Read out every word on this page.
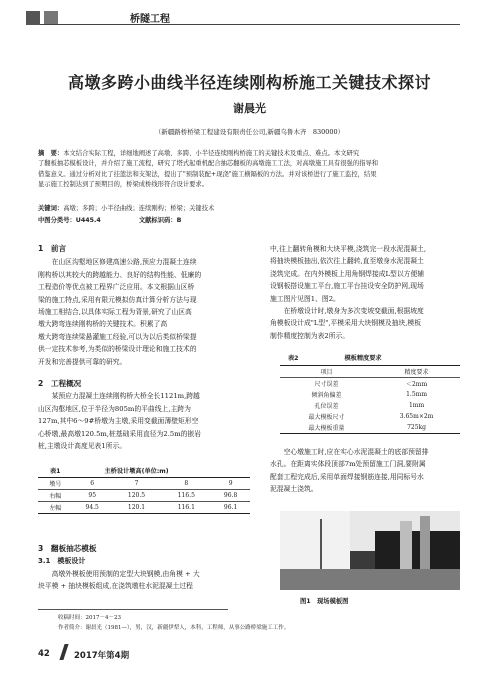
桥隧工程
高墩多跨小曲线半径连续刚构桥施工关键技术探讨
谢晨光
（新疆路桥桥梁工程建设有限责任公司,新疆乌鲁木齐　830000）
摘　要：本文结合实际工程，详细地阐述了高墩、多跨、小半径连续刚构桥施工的关键技术及重点、难点。本文研究
了翻板抽芯模板设计，并介绍了施工流程，研究了塔式起重机配合抽芯翻板的高墩施工工法，对高墩施工具有很强的指导和
借鉴意义。通过分析对比了挂篮法和支架法，提出了"预制装配+现浇"施工横隔板的方法。并对该桥进行了施工监控，结果
显示施工控制达到了预期目的，桥梁成桥线形符合设计要求。
关键词：高墩；多跨；小半径曲线；连续刚构；桥梁；关键技术
中图分类号：U445.4	文献标识码：B
1　前言
在山区沟壑地区修建高速公路,预应力混凝土连续
刚构桥以其较大的跨越能力、良好的结构性能、低廉的
工程造价等优点被工程界广泛应用。本文根据山区桥
梁的施工特点,采用有限元模拟仿真计算分析方法与现
场施工相结合,以具体实际工程为背景,研究了山区高
墩大跨弯连续刚构桥的关键技术。积累了高
墩大跨弯连续梁悬灌施工经验,可以为以后类似桥梁提
供一定技术参考,为类似的桥梁设计理论和施工技术的
开发和完善提供可靠的研究。
2　工程概况
某预应力混凝土连续刚构桥大桥全长1121m,跨越
山区沟壑地区,位于半径为805m的平曲线上,主跨为
127m,其中6～9#桥墩为主墩,采用变截面薄壁矩形空
心桥墩,最高墩120.5m,桩基础采用直径为2.5m的嵌岩
桩,主墩设计高度见表1所示。
表1	主桥设计墩高(单位:m)
墩号	6	7	8	9
右幅	95	120.5	116.5	96.8
左幅	94.5	120.1	116.1	96.1
3　翻板抽芯模板
3.1　模板设计
高墩外模板使用预制的定型大块钢模,由角模 + 大
块平模 + 抽块模板组成,在浇筑墩柱水泥混凝土过程
中,往上翻转角模和大块平模,浇筑完一段水泥混凝土,
将抽块模板抽出,依次往上翻转,直至墩身水泥混凝土
浇筑完成。在内外模板上用角钢焊接成L型以方便辅
设钢板搭设施工平台,施工平台挂设安全防护网,现场
施工图片见图1、图2。
在桥墩设计时,墩身为多次变坡变截面,根据坡度
角模板设计成"L型",平模采用大块钢模及抽块,模板
制作精度控制为表2所示。
表2	模板精度要求
项目	精度要求
尺寸误差	＜2mm
倾斜角偏差	1.5mm
孔位误差	1mm
最大模板尺寸	3.65m×2m
最大模板重量	725kg
空心墩施工时,应在实心水泥混凝土的底部预留排
水孔。在距离实体段顶部7m处预留施工门洞,要附属
配套工程完成后,采用单面焊接钢筋连接,用同标号水
泥混凝土浇筑。
图1　现场模板图
收稿时间：2017－4－23
作者简介：谢晨光（1981—），男，汉，新疆伊犁人，本科，工程师，从事公路桥梁施工工作。
42	2017年第4期
